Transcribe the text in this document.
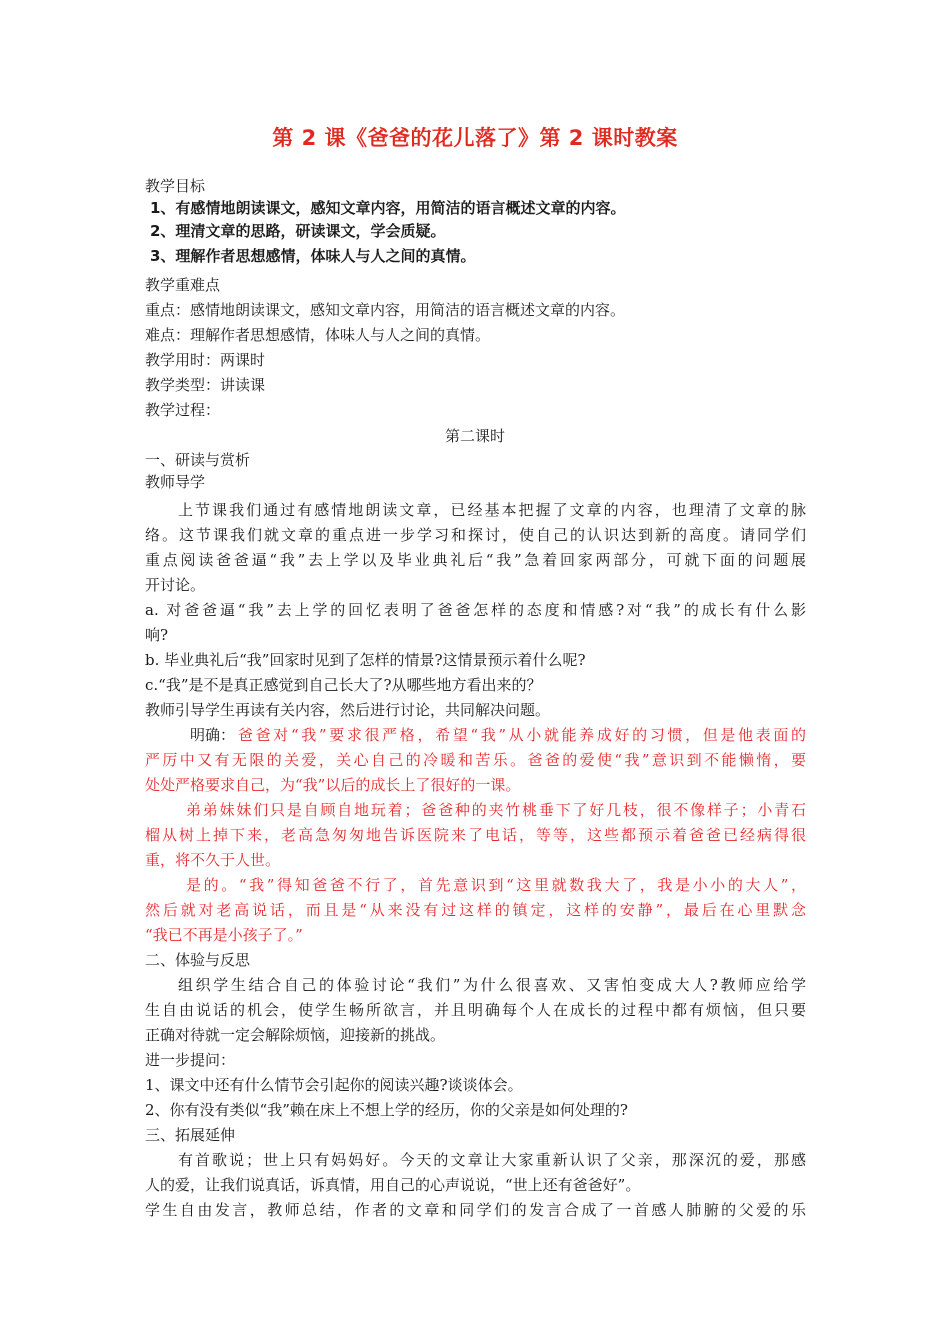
第 2 课《爸爸的花儿落了》第 2 课时教案
教学目标
1、有感情地朗读课文，感知文章内容，用简洁的语言概述文章的内容。
2、理清文章的思路，研读课文，学会质疑。
3、理解作者思想感情，体味人与人之间的真情。
教学重难点
重点：感情地朗读课文，感知文章内容，用简洁的语言概述文章的内容。
难点：理解作者思想感情，体味人与人之间的真情。
教学用时：两课时
教学类型：讲读课
教学过程：
第二课时
一、研读与赏析
教师导学
上节课我们通过有感情地朗读文章，已经基本把握了文章的内容，也理清了文章的脉
络。这节课我们就文章的重点进一步学习和探讨，使自己的认识达到新的高度。请同学们
重点阅读爸爸逼“我”去上学以及毕业典礼后“我”急着回家两部分，可就下面的问题展
开讨论。
a. 对爸爸逼“我”去上学的回忆表明了爸爸怎样的态度和情感?对“我”的成长有什么影
响?
b. 毕业典礼后“我”回家时见到了怎样的情景?这情景预示着什么呢?
c.“我”是不是真正感觉到自己长大了?从哪些地方看出来的？
教师引导学生再读有关内容，然后进行讨论，共同解决问题。
明确： 爸爸对“我”要求很严格，希望“我”从小就能养成好的习惯，但是他表面的
严厉中又有无限的关爱，关心自己的冷暖和苦乐。爸爸的爱使“我”意识到不能懒惰，要
处处严格要求自己，为“我”以后的成长上了很好的一课。
弟弟妹妹们只是自顾自地玩着；爸爸种的夹竹桃垂下了好几枝，很不像样子；小青石
榴从树上掉下来，老高急匆匆地告诉医院来了电话，等等，这些都预示着爸爸已经病得很
重，将不久于人世。
是的。“我”得知爸爸不行了，首先意识到“这里就数我大了，我是小小的大人”，
然后就对老高说话，而且是“从来没有过这样的镇定，这样的安静”，最后在心里默念
“我已不再是小孩子了。”
二、体验与反思
组织学生结合自己的体验讨论“我们”为什么很喜欢、又害怕变成大人?教师应给学
生自由说话的机会，使学生畅所欲言，并且明确每个人在成长的过程中都有烦恼，但只要
正确对待就一定会解除烦恼，迎接新的挑战。
进一步提问：
1、课文中还有什么情节会引起你的阅读兴趣?谈谈体会。
2、你有没有类似“我”赖在床上不想上学的经历，你的父亲是如何处理的?
三、拓展延伸
有首歌说；世上只有妈妈好。今天的文章让大家重新认识了父亲，那深沉的爱，那感
人的爱，让我们说真话，诉真情，用自己的心声说说，“世上还有爸爸好”。
学生自由发言，教师总结，作者的文章和同学们的发言合成了一首感人肺腑的父爱的乐
